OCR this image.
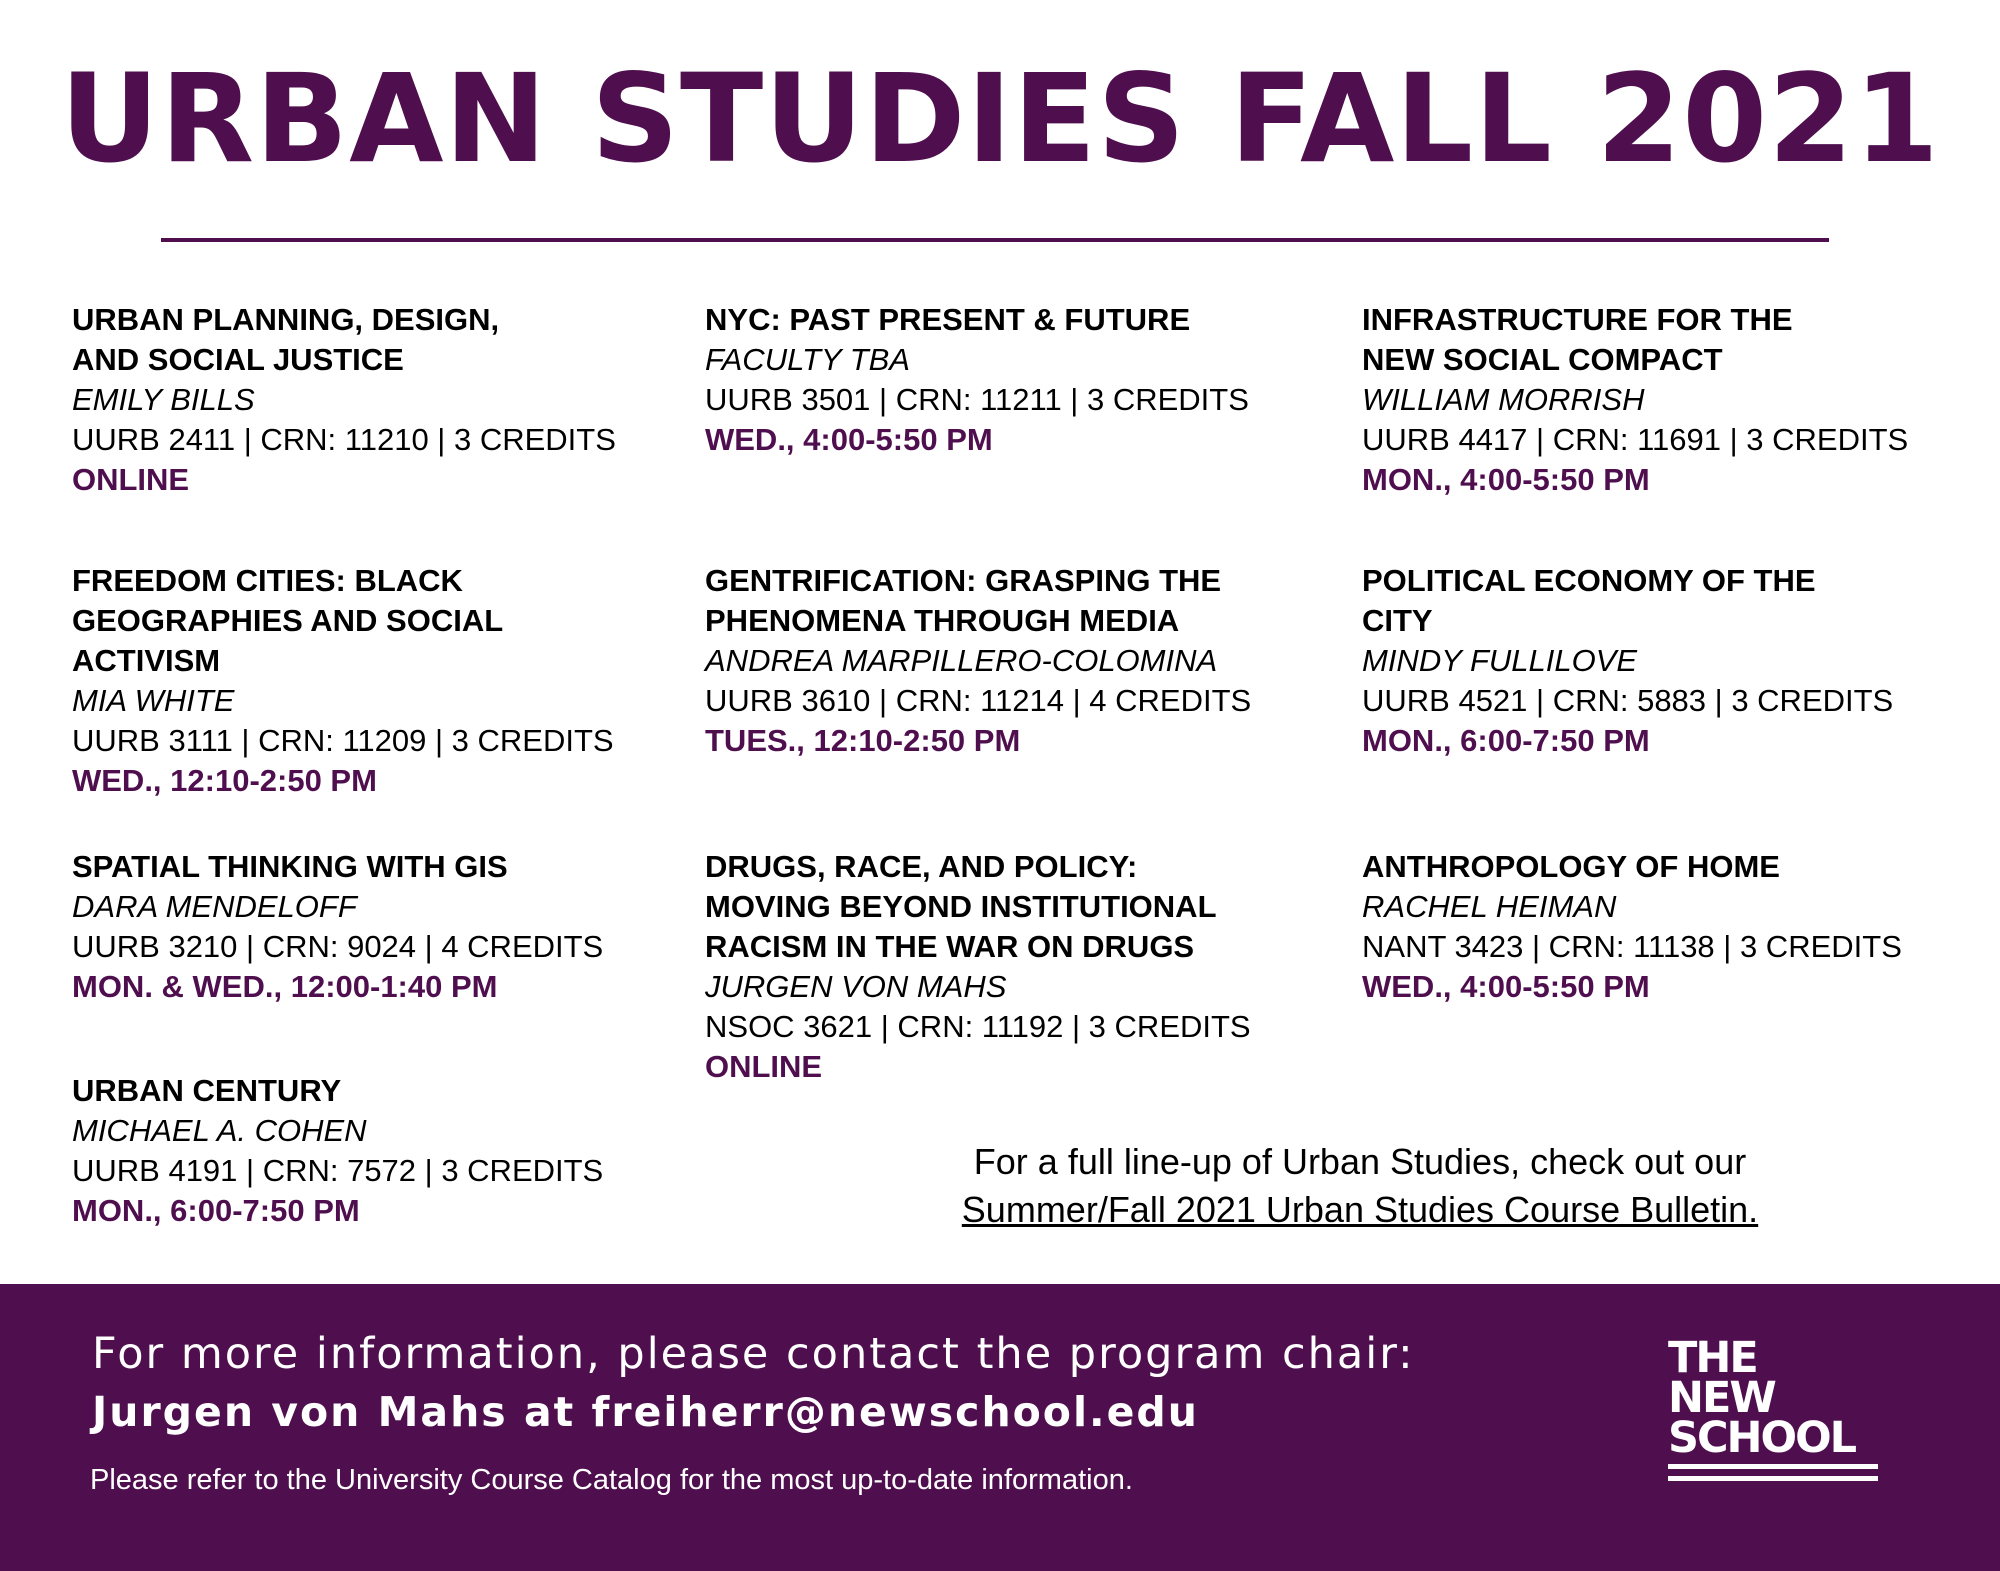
URBAN STUDIES FALL 2021
URBAN PLANNING, DESIGN,
AND SOCIAL JUSTICE
EMILY BILLS
UURB 2411 | CRN: 11210 | 3 CREDITS
ONLINE
FREEDOM CITIES: BLACK
GEOGRAPHIES AND SOCIAL
ACTIVISM
MIA WHITE
UURB 3111 | CRN: 11209 | 3 CREDITS
WED., 12:10-2:50 PM
SPATIAL THINKING WITH GIS
DARA MENDELOFF
UURB 3210 | CRN: 9024 | 4 CREDITS
MON. & WED., 12:00-1:40 PM
URBAN CENTURY
MICHAEL A. COHEN
UURB 4191 | CRN: 7572 | 3 CREDITS
MON., 6:00-7:50 PM
NYC: PAST PRESENT & FUTURE
FACULTY TBA
UURB 3501 | CRN: 11211 | 3 CREDITS
WED., 4:00-5:50 PM
GENTRIFICATION: GRASPING THE
PHENOMENA THROUGH MEDIA
ANDREA MARPILLERO-COLOMINA
UURB 3610 | CRN: 11214 | 4 CREDITS
TUES., 12:10-2:50 PM
DRUGS, RACE, AND POLICY:
MOVING BEYOND INSTITUTIONAL
RACISM IN THE WAR ON DRUGS
JURGEN VON MAHS
NSOC 3621 | CRN: 11192 | 3 CREDITS
ONLINE
INFRASTRUCTURE FOR THE
NEW SOCIAL COMPACT
WILLIAM MORRISH
UURB 4417 | CRN: 11691 | 3 CREDITS
MON., 4:00-5:50 PM
POLITICAL ECONOMY OF THE
CITY
MINDY FULLILOVE
UURB 4521 | CRN: 5883 | 3 CREDITS
MON., 6:00-7:50 PM
ANTHROPOLOGY OF HOME
RACHEL HEIMAN
NANT 3423 | CRN: 11138 | 3 CREDITS
WED., 4:00-5:50 PM
For a full line-up of Urban Studies, check out our
Summer/Fall 2021 Urban Studies Course Bulletin.
For more information, please contact the program chair:
Jurgen von Mahs at freiherr@newschool.edu
Please refer to the University Course Catalog for the most up-to-date information.
THE
NEW
SCHOOL
